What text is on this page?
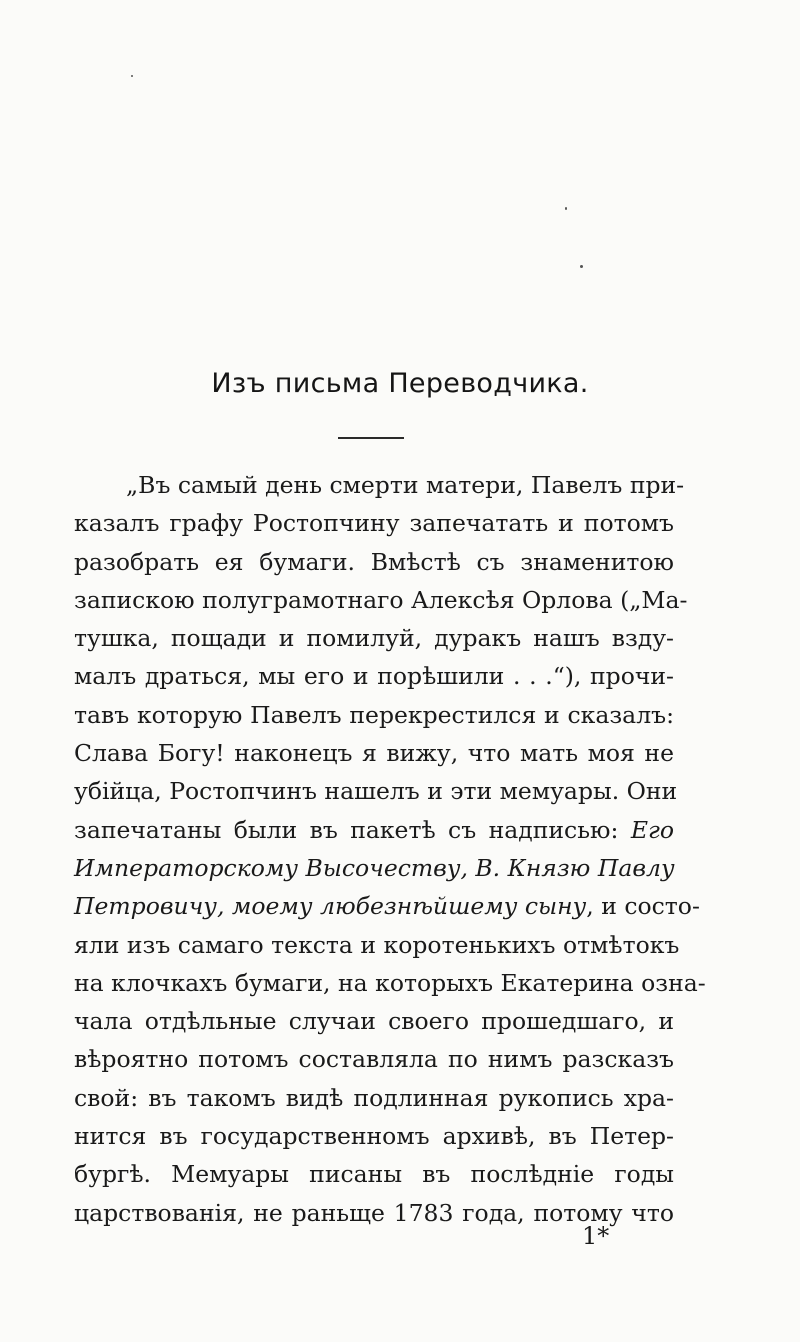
Изъ письма Переводчика.
„Въ самый день смерти матери, Павелъ при-
казалъ графу Ростопчину запечатать и потомъ
разобрать ея бумаги. Вмѣстѣ съ знаменитою
запискою полуграмотнаго Алексѣя Орлова („Ма-
тушка, пощади и помилуй, дуракъ нашъ взду-
малъ драться, мы его и порѣшили . . .“), прочи-
тавъ которую Павелъ перекрестился и сказалъ:
Слава Богу! наконецъ я вижу, что мать моя не
убійца, Ростопчинъ нашелъ и эти мемуары. Они
запечатаны были въ пакетѣ съ надписью: Его
Императорскому Высочеству, В. Князю Павлу
Петровичу, моему любезнѣйшему сыну, и состо-
яли изъ самаго текста и коротенькихъ отмѣтокъ
на клочкахъ бумаги, на которыхъ Екатерина озна-
чала отдѣльные случаи своего прошедшаго, и
вѣроятно потомъ составляла по нимъ разсказъ
свой: въ такомъ видѣ подлинная рукопись хра-
нится въ государственномъ архивѣ, въ Петер-
бургѣ. Мемуары писаны въ послѣдніе годы
царствованія, не раньще 1783 года, потому что
1*
